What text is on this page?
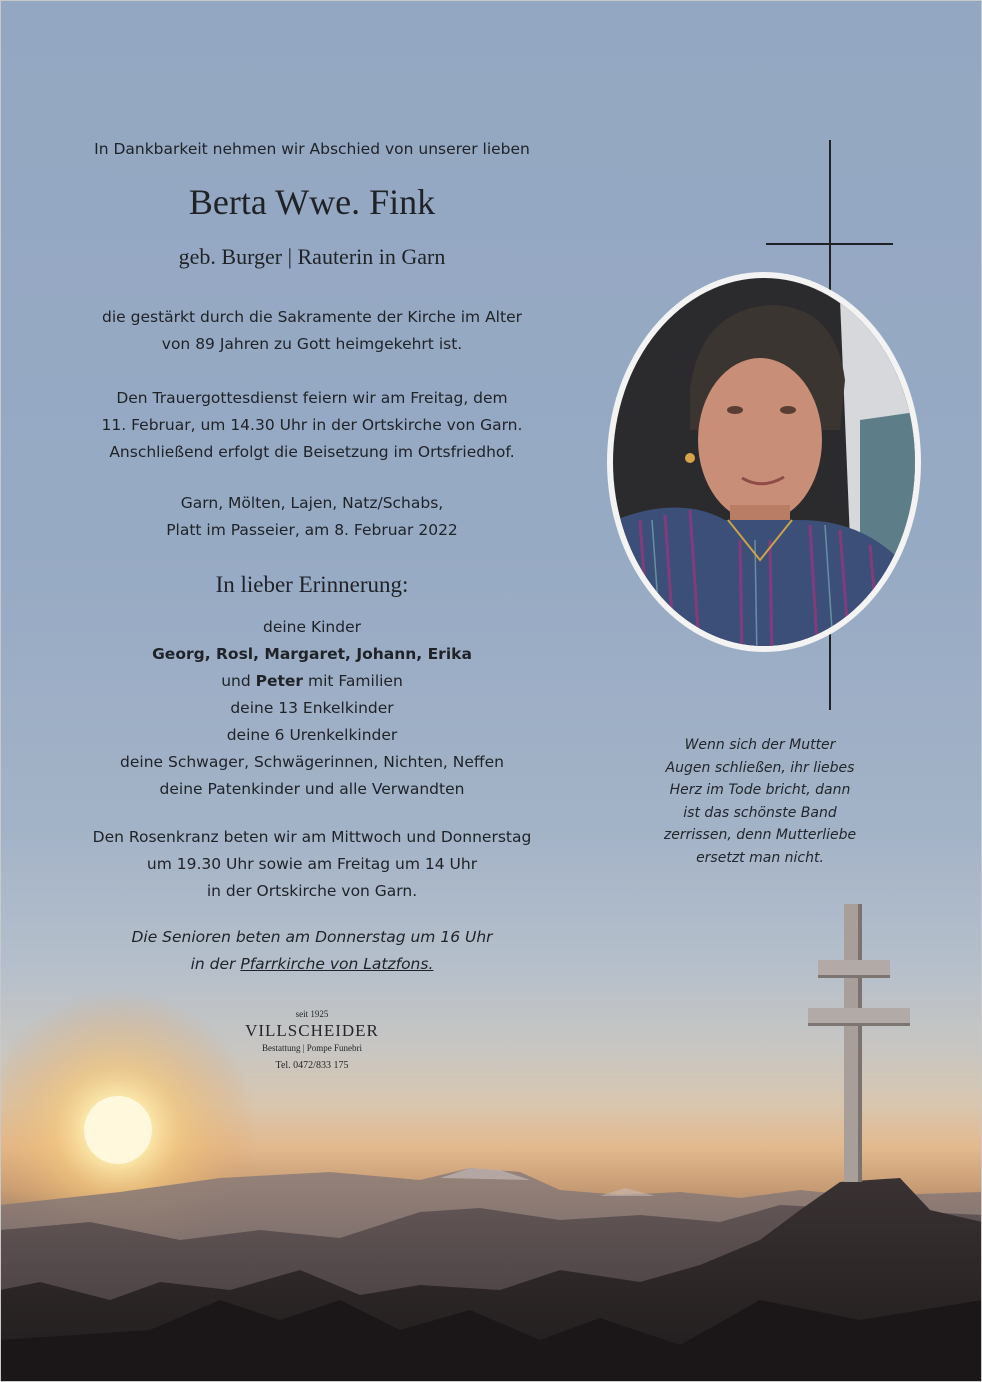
In Dankbarkeit nehmen wir Abschied von unserer lieben
Berta Wwe. Fink
geb. Burger | Rauterin in Garn
die gestärkt durch die Sakramente der Kirche im Alter
von 89 Jahren zu Gott heimgekehrt ist.
Den Trauergottesdienst feiern wir am Freitag, dem
11. Februar, um 14.30 Uhr in der Ortskirche von Garn.
Anschließend erfolgt die Beisetzung im Ortsfriedhof.
Garn, Mölten, Lajen, Natz/Schabs,
Platt im Passeier, am 8. Februar 2022
In lieber Erinnerung:
deine Kinder
Georg, Rosl, Margaret, Johann, Erika
und Peter mit Familien
deine 13 Enkelkinder
deine 6 Urenkelkinder
deine Schwager, Schwägerinnen, Nichten, Neffen
deine Patenkinder und alle Verwandten
Den Rosenkranz beten wir am Mittwoch und Donnerstag
um 19.30 Uhr sowie am Freitag um 14 Uhr
in der Ortskirche von Garn.
Die Senioren beten am Donnerstag um 16 Uhr
in der Pfarrkirche von Latzfons.
Wenn sich der Mutter
Augen schließen, ihr liebes
Herz im Tode bricht, dann
ist das schönste Band
zerrissen, denn Mutterliebe
ersetzt man nicht.
seit 1925
VILLSCHEIDER
Bestattung | Pompe Funebri
Tel. 0472/833 175
